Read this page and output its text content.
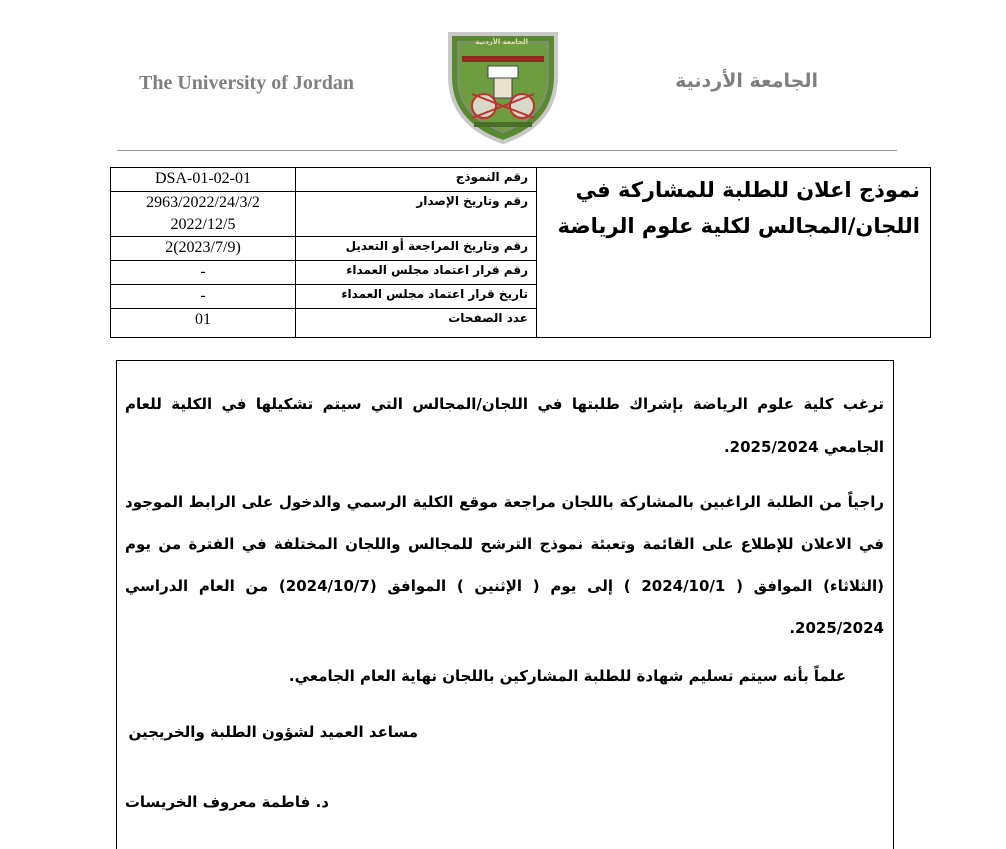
The University of Jordan
الجامعة الأردنية
الجامعة الأردنية
DSA-01-02-01	رقم النموذج	نموذج اعلان للطلبة للمشاركة في اللجان/المجالس لكلية علوم الرياضة
2963/2022/24/3/2 2022/12/5	رقم وتاريخ الإصدار	
2(2023/7/9)	رقم وتاريخ المراجعة أو التعديل	
-	رقم قرار اعتماد مجلس العمداء	
-	تاريخ قرار اعتماد مجلس العمداء	
01	عدد الصفحات	
ترغب كلية علوم الرياضة بإشراك طلبتها في اللجان/المجالس التي سيتم تشكيلها في الكلية للعام الجامعي 2025/2024.
راجياً من الطلبة الراغبين بالمشاركة باللجان مراجعة موقع الكلية الرسمي والدخول على الرابط الموجود في الاعلان للإطلاع على القائمة وتعبئة نموذج الترشح للمجالس واللجان المختلفة في الفترة من يوم (الثلاثاء) الموافق ( 2024/10/1 ) إلى يوم ( الإثنين ) الموافق (2024/10/7) من العام الدراسي 2025/2024.
علماً بأنه سيتم تسليم شهادة للطلبة المشاركين باللجان نهاية العام الجامعي.
مساعد العميد لشؤون الطلبة والخريجين
د. فاطمة معروف الخريسات
